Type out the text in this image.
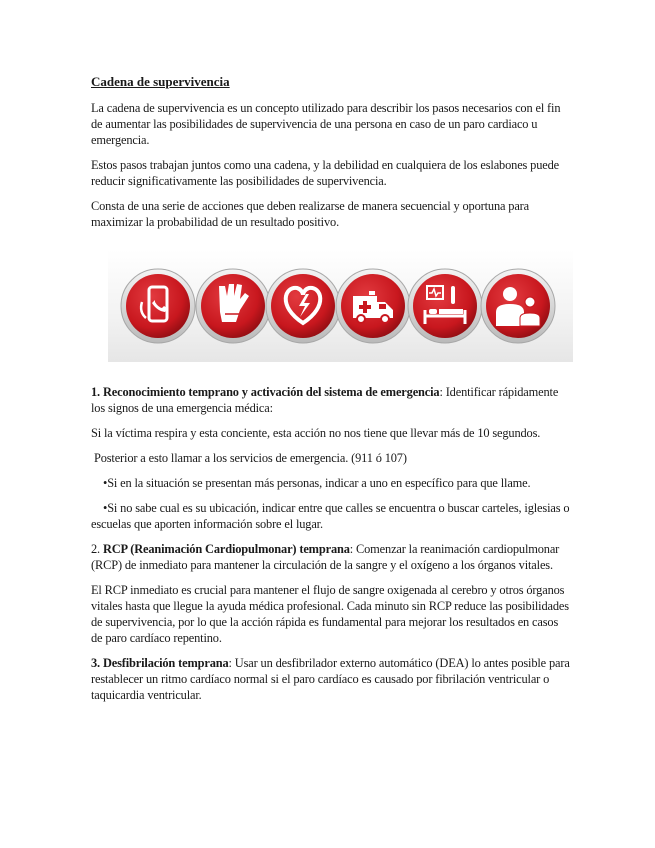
Cadena de supervivencia

La cadena de supervivencia es un concepto utilizado para describir los pasos necesarios con el fin de aumentar las posibilidades de supervivencia de una persona en caso de un paro cardiaco u emergencia.

Estos pasos trabajan juntos como una cadena, y la debilidad en cualquiera de los eslabones puede reducir significativamente las posibilidades de supervivencia.

Consta de una serie de acciones que deben realizarse de manera secuencial y oportuna para maximizar la probabilidad de un resultado positivo.

1. Reconocimiento temprano y activación del sistema de emergencia: Identificar rápidamente los signos de una emergencia médica:

Si la víctima respira y esta conciente, esta acción no nos tiene que llevar más de 10 segundos.

Posterior a esto llamar a los servicios de emergencia. (911 ó 107)

•Si en la situación se presentan más personas, indicar a uno en específico para que llame.

•Si no sabe cual es su ubicación, indicar entre que calles se encuentra o buscar carteles, iglesias o escuelas que aporten información sobre el lugar.

2. RCP (Reanimación Cardiopulmonar) temprana: Comenzar la reanimación cardiopulmonar (RCP) de inmediato para mantener la circulación de la sangre y el oxígeno a los órganos vitales.

El RCP inmediato es crucial para mantener el flujo de sangre oxigenada al cerebro y otros órganos vitales hasta que llegue la ayuda médica profesional. Cada minuto sin RCP reduce las posibilidades de supervivencia, por lo que la acción rápida es fundamental para mejorar los resultados en casos de paro cardíaco repentino.

3. Desfibrilación temprana: Usar un desfibrilador externo automático (DEA) lo antes posible para restablecer un ritmo cardíaco normal si el paro cardíaco es causado por fibrilación ventricular o taquicardia ventricular.
